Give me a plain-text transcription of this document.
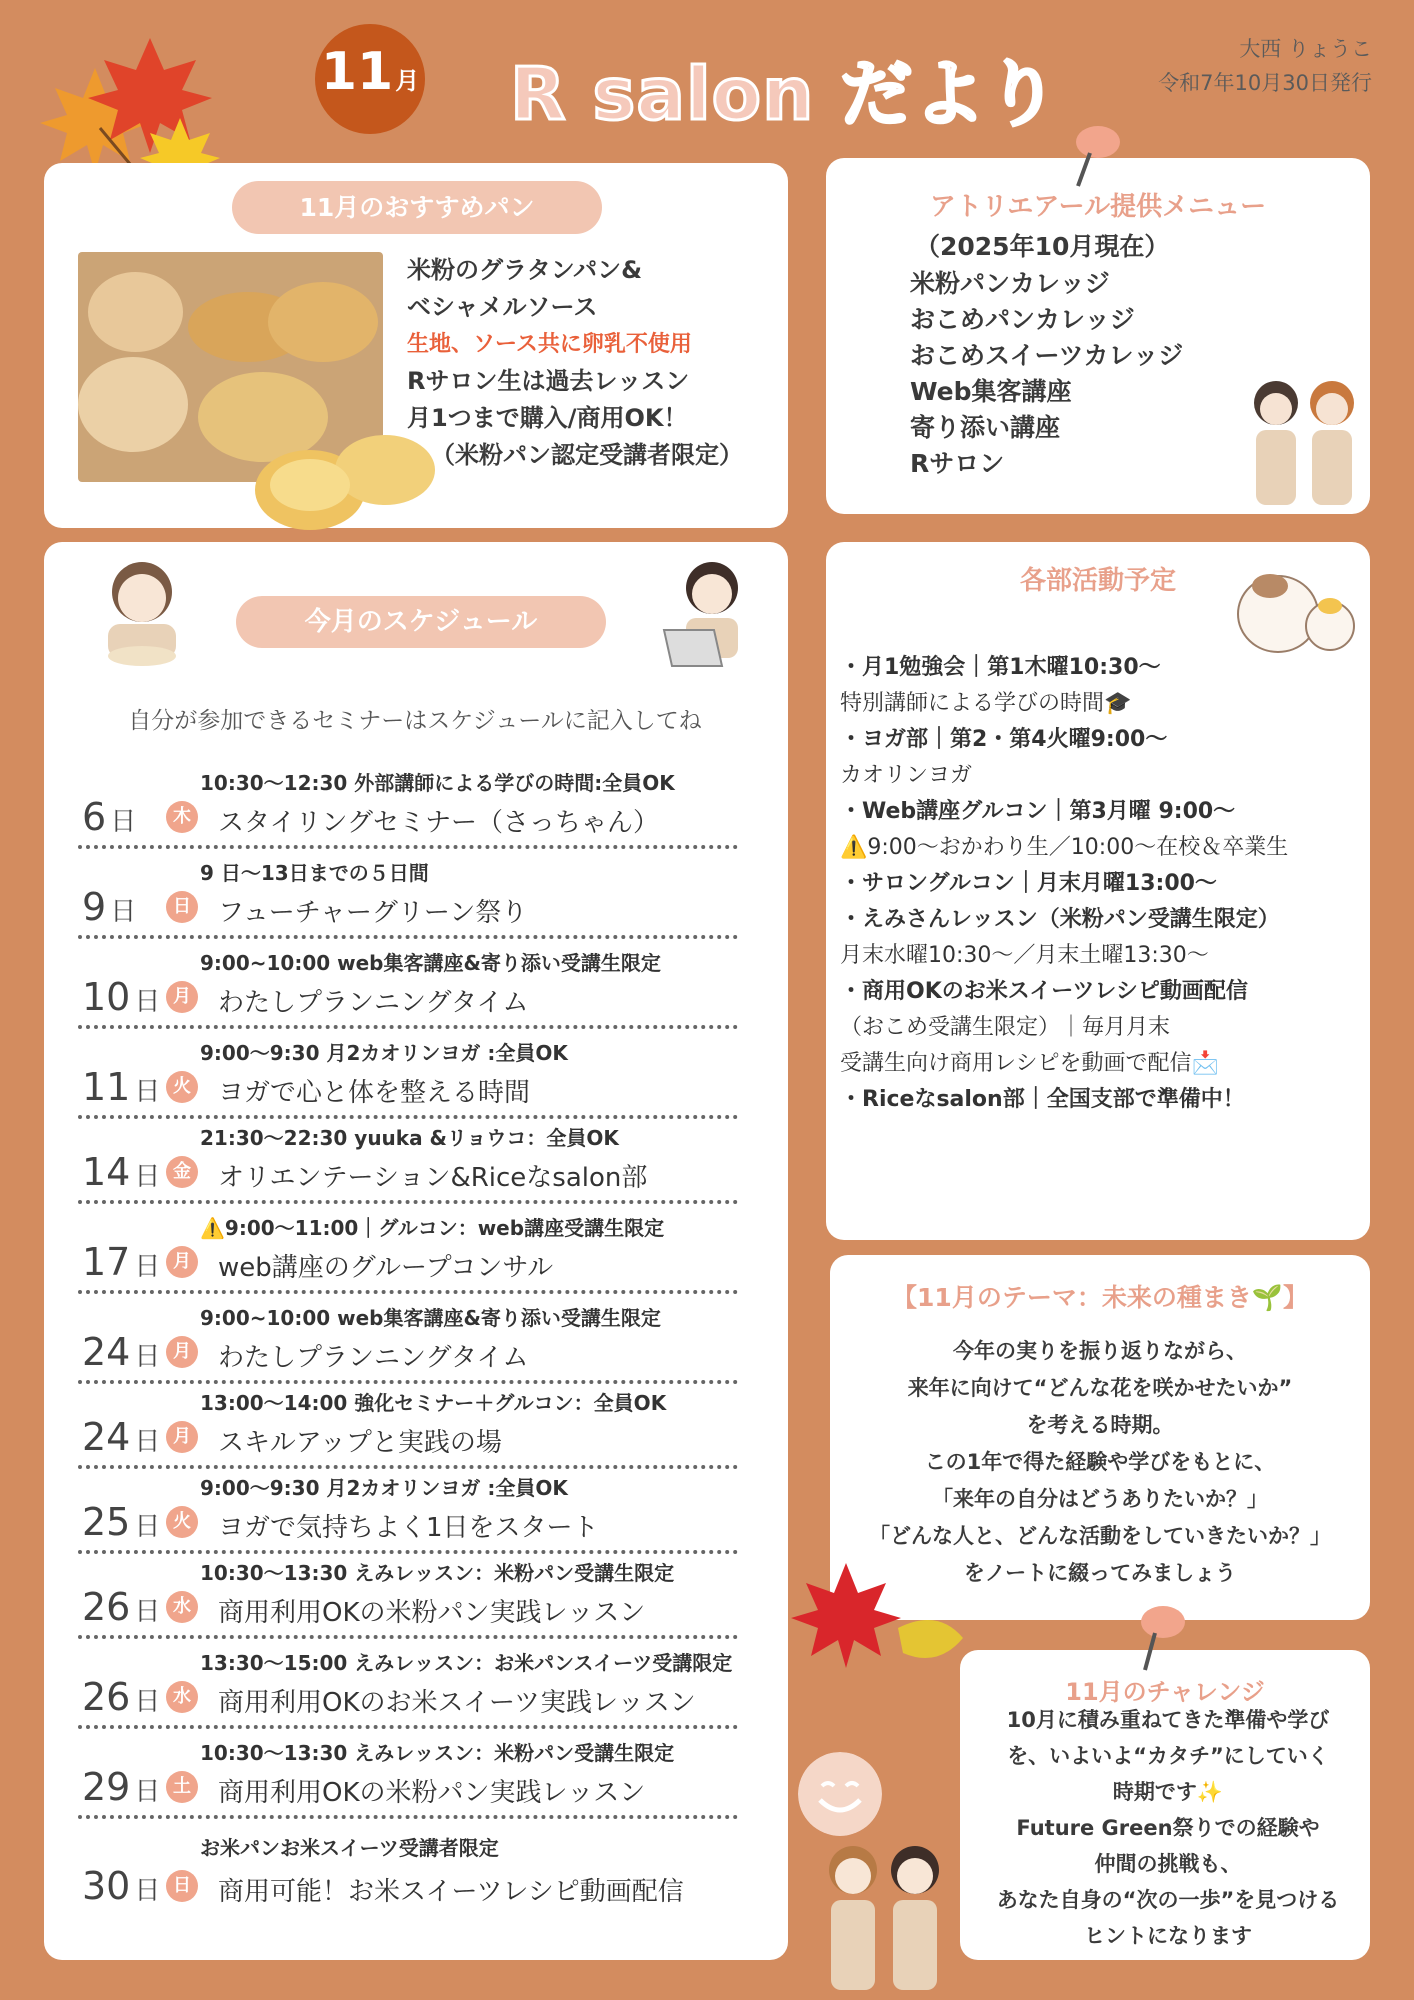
11 月 R salon だより
大西 りょうこ
令和7年10月30日発行
11月のおすすめパン
米粉のグラタンパン&
ベシャメルソース
生地、ソース共に卵乳不使用
Rサロン生は過去レッスン
月1つまで購入/商用OK！
（米粉パン認定受講者限定）
アトリエアール提供メニュー
（2025年10月現在）
米粉パンカレッジ
おこめパンカレッジ
おこめスイーツカレッジ
Web集客講座
寄り添い講座
Rサロン
今月のスケジュール
自分が参加できるセミナーはスケジュールに記入してね
10:30～12:30 外部講師による学びの時間:全員OK
6 日	木 スタイリングセミナー（さっちゃん）
9 日～13日までの５日間
9 日	日 フューチャーグリーン祭り
9:00~10:00 web集客講座&寄り添い受講生限定
10 日 月 わたしプランニングタイム
9:00～9:30 月2カオリンヨガ :全員OK
11 日 火 ヨガで心と体を整える時間
21:30～22:30 yuuka &リョウコ：全員OK
14 日 金 オリエンテーション&Riceなsalon部
⚠️9:00～11:00｜グルコン：web講座受講生限定
17 日 月 web講座のグループコンサル
9:00~10:00 web集客講座&寄り添い受講生限定
24 日 月 わたしプランニングタイム
13:00～14:00 強化セミナー＋グルコン：全員OK
24 日 月 スキルアップと実践の場
9:00～9:30 月2カオリンヨガ :全員OK
25 日 火 ヨガで気持ちよく1日をスタート
10:30～13:30 えみレッスン：米粉パン受講生限定
26 日 水 商用利用OKの米粉パン実践レッスン
13:30～15:00 えみレッスン：お米パンスイーツ受講限定
26 日 水 商用利用OKのお米スイーツ実践レッスン
10:30～13:30 えみレッスン：米粉パン受講生限定
29 日 土 商用利用OKの米粉パン実践レッスン
お米パンお米スイーツ受講者限定
30 日 日 商用可能！お米スイーツレシピ動画配信
各部活動予定
・月1勉強会｜第1木曜10:30～
特別講師による学びの時間🎓
・ヨガ部｜第2・第4火曜9:00～
カオリンヨガ
・Web講座グルコン｜第3月曜 9:00～
⚠️9:00～おかわり生／10:00～在校＆卒業生
・サロングルコン｜月末月曜13:00～
・えみさんレッスン（米粉パン受講生限定）
月末水曜10:30～／月末土曜13:30～
・商用OKのお米スイーツレシピ動画配信
（おこめ受講生限定）｜毎月月末
受講生向け商用レシピを動画で配信📩
・Riceなsalon部｜全国支部で準備中！
【11月のテーマ：未来の種まき🌱】
今年の実りを振り返りながら、
来年に向けて“どんな花を咲かせたいか”
を考える時期。
この1年で得た経験や学びをもとに、
「来年の自分はどうありたいか？」
「どんな人と、どんな活動をしていきたいか？」
をノートに綴ってみましょう
11月のチャレンジ
10月に積み重ねてきた準備や学び
を、いよいよ“カタチ”にしていく
時期です✨
Future Green祭りでの経験や
仲間の挑戦も、
あなた自身の“次の一歩”を見つける
ヒントになります
